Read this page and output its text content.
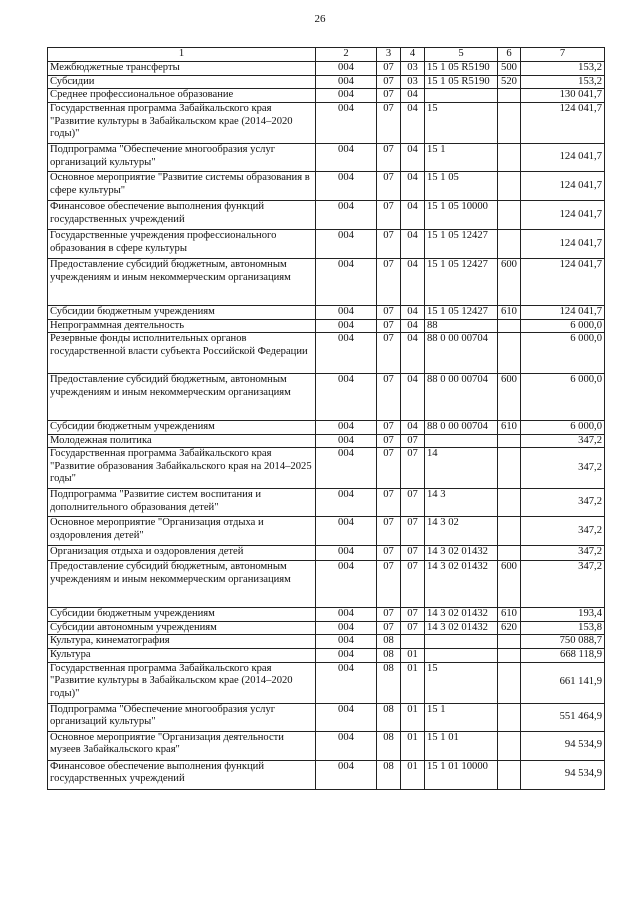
26
1	2	3	4	5	6	7
Межбюджетные трансферты	004	07	03	15 1 05 R5190	500	153,2
Субсидии	004	07	03	15 1 05 R5190	520	153,2
Среднее профессиональное образование	004	07	04			130 041,7
Государственная программа Забайкальского края "Развитие культуры в Забайкальском крае (2014–2020 годы)"	004	07	04	15		124 041,7
Подпрограмма "Обеспечение многообразия услуг организаций культуры"	004	07	04	15 1		124 041,7
Основное мероприятие "Развитие системы образования в сфере культуры"	004	07	04	15 1 05		124 041,7
Финансовое обеспечение выполнения функций государственных учреждений	004	07	04	15 1 05 10000		124 041,7
Государственные учреждения профессионального образования в сфере культуры	004	07	04	15 1 05 12427		124 041,7
Предоставление субсидий бюджетным, автономным учреждениям и иным некоммерческим организациям	004	07	04	15 1 05 12427	600	124 041,7
Субсидии бюджетным учреждениям	004	07	04	15 1 05 12427	610	124 041,7
Непрограммная деятельность	004	07	04	88		6 000,0
Резервные фонды исполнительных органов государственной власти субъекта Российской Федерации	004	07	04	88 0 00 00704		6 000,0
Предоставление субсидий бюджетным, автономным учреждениям и иным некоммерческим организациям	004	07	04	88 0 00 00704	600	6 000,0
Субсидии бюджетным учреждениям	004	07	04	88 0 00 00704	610	6 000,0
Молодежная политика	004	07	07			347,2
Государственная программа Забайкальского края "Развитие образования Забайкальского края на 2014–2025 годы"	004	07	07	14		347,2
Подпрограмма "Развитие систем воспитания и дополнительного образования детей"	004	07	07	14 3		347,2
Основное мероприятие "Организация отдыха и оздоровления детей"	004	07	07	14 3 02		347,2
Организация отдыха и оздоровления детей	004	07	07	14 3 02 01432		347,2
Предоставление субсидий бюджетным, автономным учреждениям и иным некоммерческим организациям	004	07	07	14 3 02 01432	600	347,2
Субсидии бюджетным учреждениям	004	07	07	14 3 02 01432	610	193,4
Субсидии автономным учреждениям	004	07	07	14 3 02 01432	620	153,8
Культура, кинематография	004	08				750 088,7
Культура	004	08	01			668 118,9
Государственная программа Забайкальского края "Развитие культуры в Забайкальском крае (2014–2020 годы)"	004	08	01	15		661 141,9
Подпрограмма "Обеспечение многообразия услуг организаций культуры"	004	08	01	15 1		551 464,9
Основное мероприятие "Организация деятельности музеев Забайкальского края"	004	08	01	15 1 01		94 534,9
Финансовое обеспечение выполнения функций государственных учреждений	004	08	01	15 1 01 10000		94 534,9
